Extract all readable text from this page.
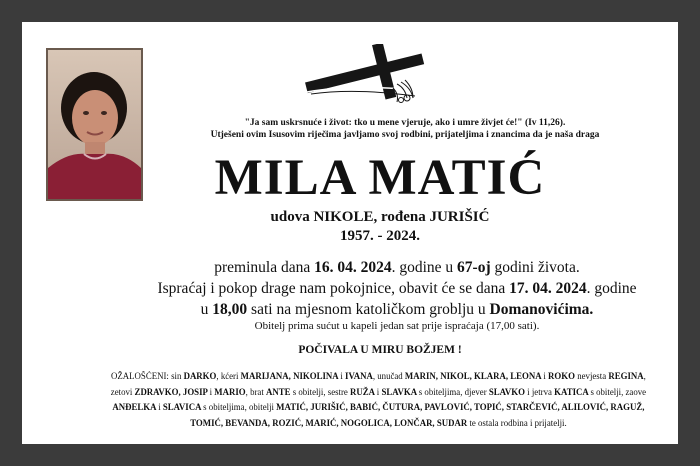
"Ja sam uskrsnuće i život: tko u mene vjeruje, ako i umre živjet će!" (Iv 11,26).
Utješeni ovim Isusovim riječima javljamo svoj rodbini, prijateljima i znancima da je naša draga
MILA MATIĆ
udova NIKOLE, rođena JURIŠIĆ
1957. - 2024.
preminula dana 16. 04. 2024. godine u 67-oj godini života.
Ispraćaj i pokop drage nam pokojnice, obavit će se dana 17. 04. 2024. godine
u 18,00 sati na mjesnom katoličkom groblju u Domanovićima.
Obitelj prima sućut u kapeli jedan sat prije ispraćaja (17,00 sati).
POČIVALA U MIRU BOŽJEM !
OŽALOŠĆENI: sin DARKO, kćeri MARIJANA, NIKOLINA i IVANA, unučad MARIN, NIKOL, KLARA, LEONA i ROKO nevjesta REGINA, zetovi ZDRAVKO, JOSIP i MARIO, brat ANTE s obitelji, sestre RUŽA i SLAVKA s obiteljima, djever SLAVKO i jetrva KATICA s obitelji, zaove ANĐELKA i SLAVICA s obiteljima, obitelji MATIĆ, JURIŠIĆ, BABIĆ, ČUTURA, PAVLOVIĆ, TOPIĆ, STARČEVIĆ, ALILOVIĆ, RAGUŽ, TOMIĆ, BEVANDA, ROZIĆ, MARIĆ, NOGOLICA, LONČAR, SUDAR te ostala rodbina i prijatelji.
